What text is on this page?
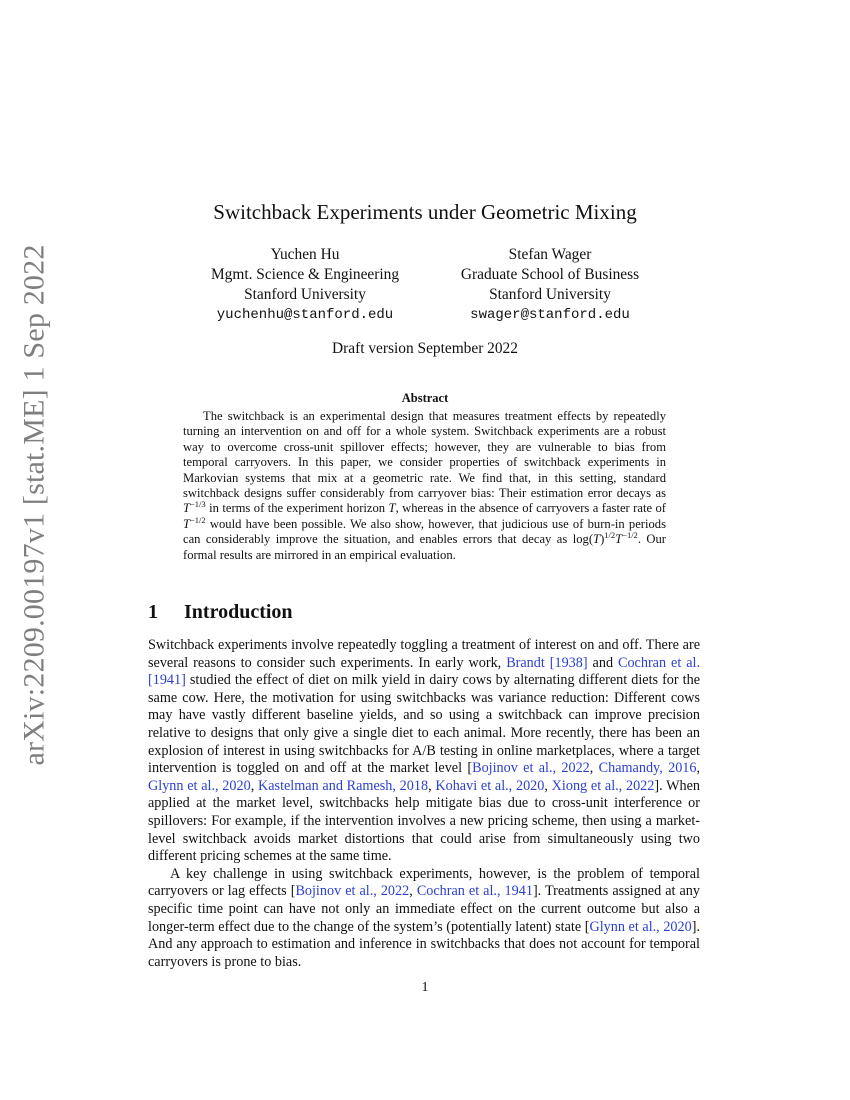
arXiv:2209.00197v1 [stat.ME] 1 Sep 2022
Switchback Experiments under Geometric Mixing
Yuchen Hu
Mgmt. Science & Engineering
Stanford University
yuchenhu@stanford.edu
Stefan Wager
Graduate School of Business
Stanford University
swager@stanford.edu
Draft version September 2022
Abstract
The switchback is an experimental design that measures treatment effects by repeatedly turning an intervention on and off for a whole system. Switchback experiments are a robust way to overcome cross-unit spillover effects; however, they are vulnerable to bias from temporal carryovers. In this paper, we consider properties of switchback experiments in Markovian systems that mix at a geometric rate. We find that, in this setting, standard switchback designs suffer considerably from carryover bias: Their estimation error decays as $T^{-1/3}$ in terms of the experiment horizon T, whereas in the absence of carryovers a faster rate of $T^{-1/2}$ would have been possible. We also show, however, that judicious use of burn-in periods can considerably improve the situation, and enables errors that decay as $\log(T)^{1/2}T^{-1/2}$. Our formal results are mirrored in an empirical evaluation.
1 Introduction

Switchback experiments involve repeatedly toggling a treatment of interest on and off. There are several reasons to consider such experiments. In early work, Brandt [1938] and Cochran et al. [1941] studied the effect of diet on milk yield in dairy cows by alternating different diets for the same cow. Here, the motivation for using switchbacks was variance reduction: Different cows may have vastly different baseline yields, and so using a switchback can improve precision relative to designs that only give a single diet to each animal. More recently, there has been an explosion of interest in using switchbacks for A/B testing in online marketplaces, where a target intervention is toggled on and off at the market level [Bojinov et al., 2022, Chamandy, 2016, Glynn et al., 2020, Kastelman and Ramesh, 2018, Kohavi et al., 2020, Xiong et al., 2022]. When applied at the market level, switchbacks help mitigate bias due to cross-unit interference or spillovers: For example, if the intervention involves a new pricing scheme, then using a market-level switchback avoids market distortions that could arise from simultaneously using two different pricing schemes at the same time.

A key challenge in using switchback experiments, however, is the problem of temporal carryovers or lag effects [Bojinov et al., 2022, Cochran et al., 1941]. Treatments assigned at any specific time point can have not only an immediate effect on the current outcome but also a longer-term effect due to the change of the system’s (potentially latent) state [Glynn et al., 2020]. And any approach to estimation and inference in switchbacks that does not account for temporal carryovers is prone to bias.

1
